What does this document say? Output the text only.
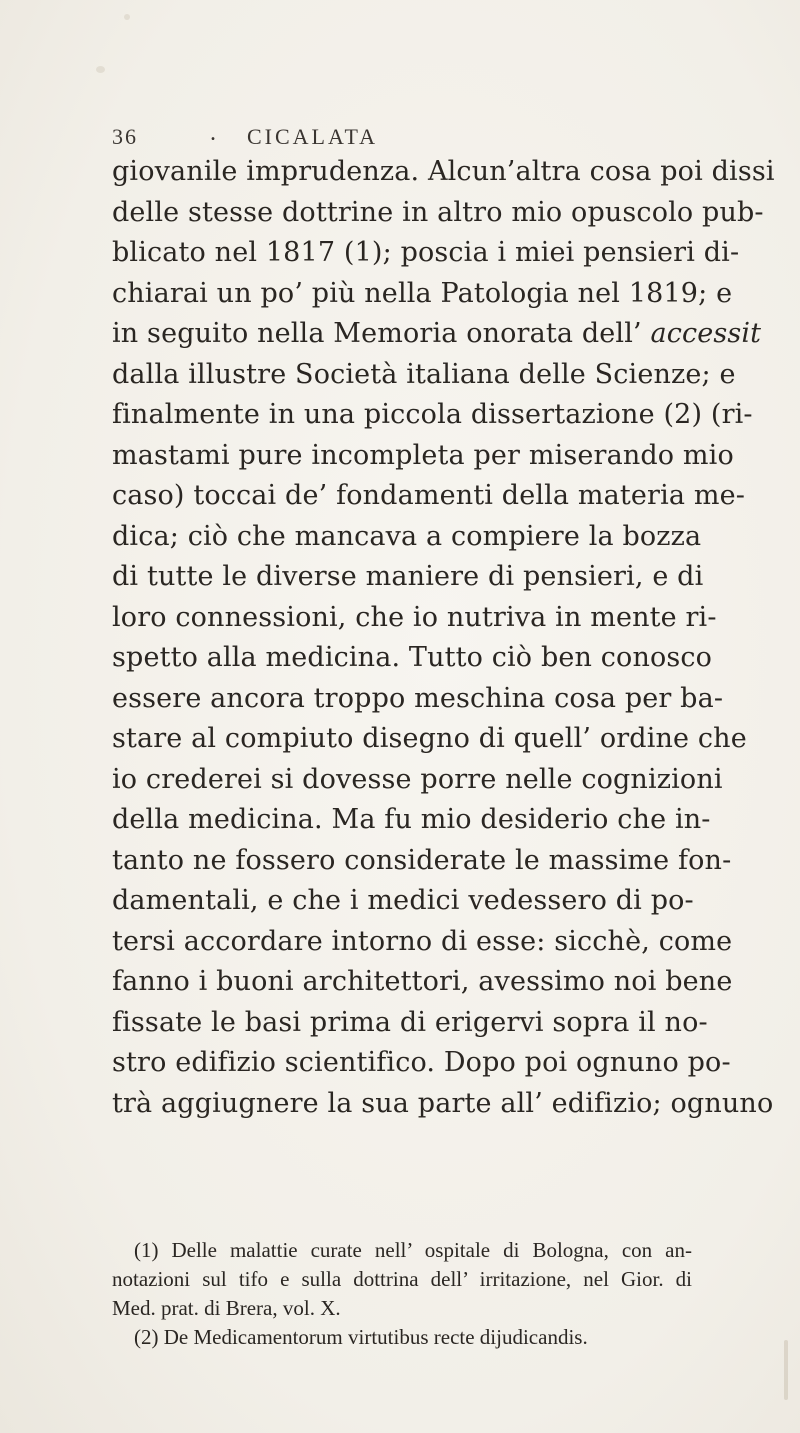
36	. CICALATA
giovanile imprudenza. Alcun’altra cosa poi dissi
delle stesse dottrine in altro mio opuscolo pub-
blicato nel 1817 (1); poscia i miei pensieri di-
chiarai un po’ più nella Patologia nel 1819; e
in seguito nella Memoria onorata dell’ accessit
dalla illustre Società italiana delle Scienze; e
finalmente in una piccola dissertazione (2) (ri-
mastami pure incompleta per miserando mio
caso) toccai de’ fondamenti della materia me-
dica; ciò che mancava a compiere la bozza
di tutte le diverse maniere di pensieri, e di
loro connessioni, che io nutriva in mente ri-
spetto alla medicina. Tutto ciò ben conosco
essere ancora troppo meschina cosa per ba-
stare al compiuto disegno di quell’ ordine che
io crederei si dovesse porre nelle cognizioni
della medicina. Ma fu mio desiderio che in-
tanto ne fossero considerate le massime fon-
damentali, e che i medici vedessero di po-
tersi accordare intorno di esse: sicchè, come
fanno i buoni architettori, avessimo noi bene
fissate le basi prima di erigervi sopra il no-
stro edifizio scientifico. Dopo poi ognuno po-
trà aggiugnere la sua parte all’ edifizio; ognuno
(1) Delle malattie curate nell’ ospitale di Bologna, con an-
notazioni sul tifo e sulla dottrina dell’ irritazione, nel Gior. di
Med. prat. di Brera, vol. X.
(2) De Medicamentorum virtutibus recte dijudicandis.
